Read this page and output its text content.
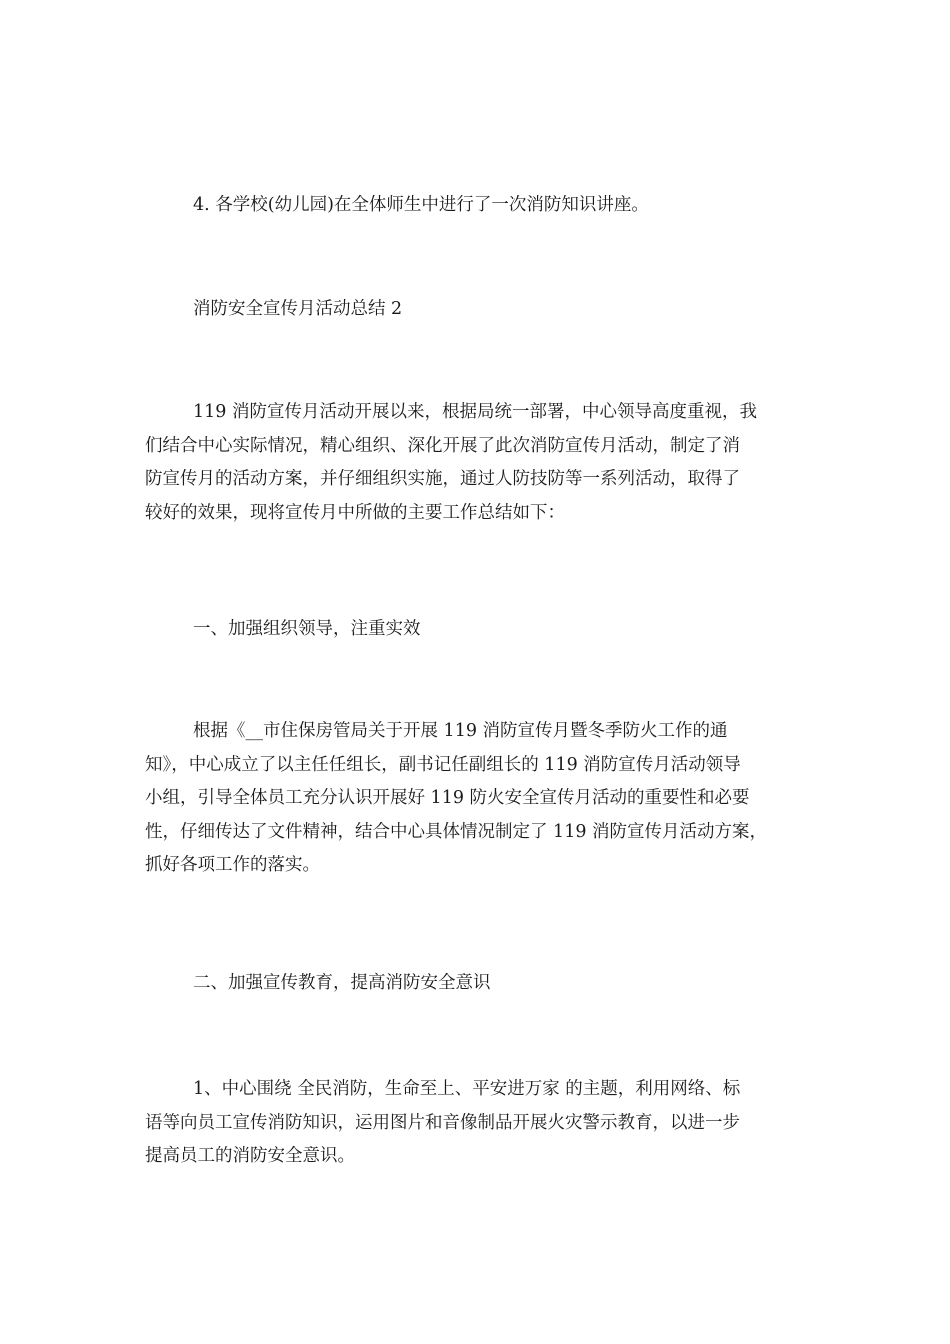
4. 各学校(幼儿园)在全体师生中进行了一次消防知识讲座。
消防安全宣传月活动总结 2
119 消防宣传月活动开展以来，根据局统一部署，中心领导高度重视，我
们结合中心实际情况，精心组织、深化开展了此次消防宣传月活动，制定了消
防宣传月的活动方案，并仔细组织实施，通过人防技防等一系列活动，取得了
较好的效果，现将宣传月中所做的主要工作总结如下：
一、加强组织领导，注重实效
根据《__市住保房管局关于开展 119 消防宣传月暨冬季防火工作的通
知》，中心成立了以主任任组长，副书记任副组长的 119 消防宣传月活动领导
小组，引导全体员工充分认识开展好 119 防火安全宣传月活动的重要性和必要
性，仔细传达了文件精神，结合中心具体情况制定了 119 消防宣传月活动方案，
抓好各项工作的落实。
二、加强宣传教育，提高消防安全意识
1、中心围绕 全民消防，生命至上、平安进万家 的主题，利用网络、标
语等向员工宣传消防知识，运用图片和音像制品开展火灾警示教育，以进一步
提高员工的消防安全意识。
